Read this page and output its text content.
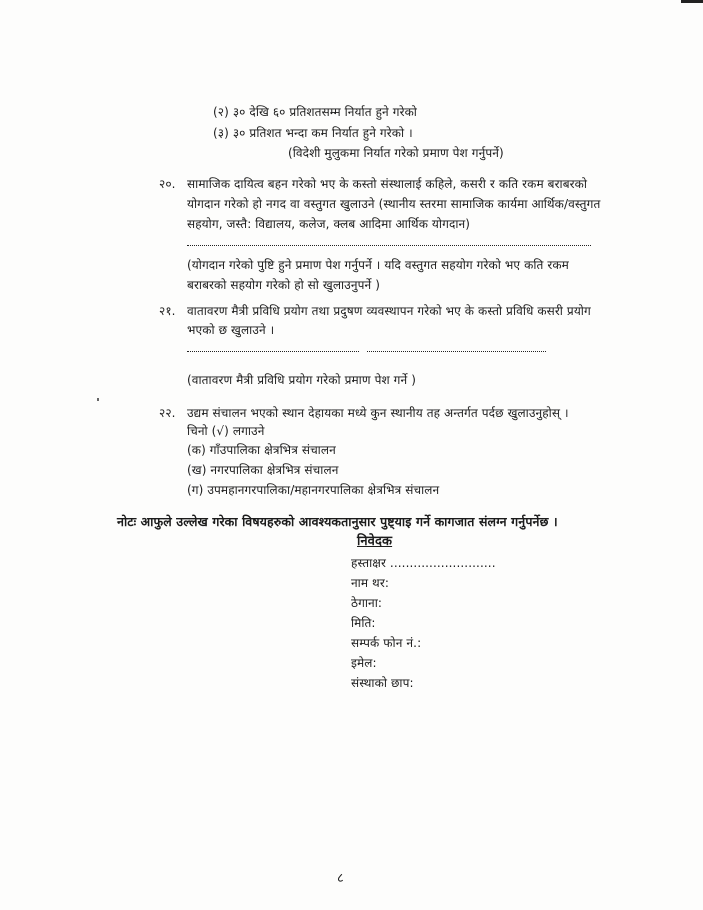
(२) ३० देखि ६० प्रतिशतसम्म निर्यात हुने गरेको
(३) ३० प्रतिशत भन्दा कम निर्यात हुने गरेको ।
(विदेशी मुलुकमा निर्यात गरेको प्रमाण पेश गर्नुपर्ने)
२०. सामाजिक दायित्व बहन गरेको भए के कस्तो संस्थालाई कहिले, कसरी र कति रकम बराबरको
योगदान गरेको हो नगद वा वस्तुगत खुलाउने (स्थानीय स्तरमा सामाजिक कार्यमा आर्थिक/वस्तुगत
सहयोग, जस्तै: विद्यालय, कलेज, क्लब आदिमा आर्थिक योगदान)
(योगदान गरेको पुष्टि हुने प्रमाण पेश गर्नुपर्ने । यदि वस्तुगत सहयोग गरेको भए कति रकम
बराबरको सहयोग गरेको हो सो खुलाउनुपर्ने )
२१. वातावरण मैत्री प्रविधि प्रयोग तथा प्रदुषण व्यवस्थापन गरेको भए के कस्तो प्रविधि कसरी प्रयोग
भएको छ खुलाउने ।
(वातावरण मैत्री प्रविधि प्रयोग गरेको प्रमाण पेश गर्ने )
२२. उद्यम संचालन भएको स्थान देहायका मध्ये कुन स्थानीय तह अन्तर्गत पर्दछ खुलाउनुहोस् ।
चिनो (√) लगाउने
(क) गाँउपालिका क्षेत्रभित्र संचालन
(ख) नगरपालिका क्षेत्रभित्र संचालन
(ग) उपमहानगरपालिका/महानगरपालिका क्षेत्रभित्र संचालन
नोटः आफुले उल्लेख गरेका विषयहरुको आवश्यकतानुसार पुष्ट्याइ गर्ने कागजात संलग्न गर्नुपर्नेछ ।
निवेदक
हस्ताक्षर ...........................
नाम थर:
ठेगाना:
मिति:
सम्पर्क फोन नं.:
इमेल:
संस्थाको छाप:
८
